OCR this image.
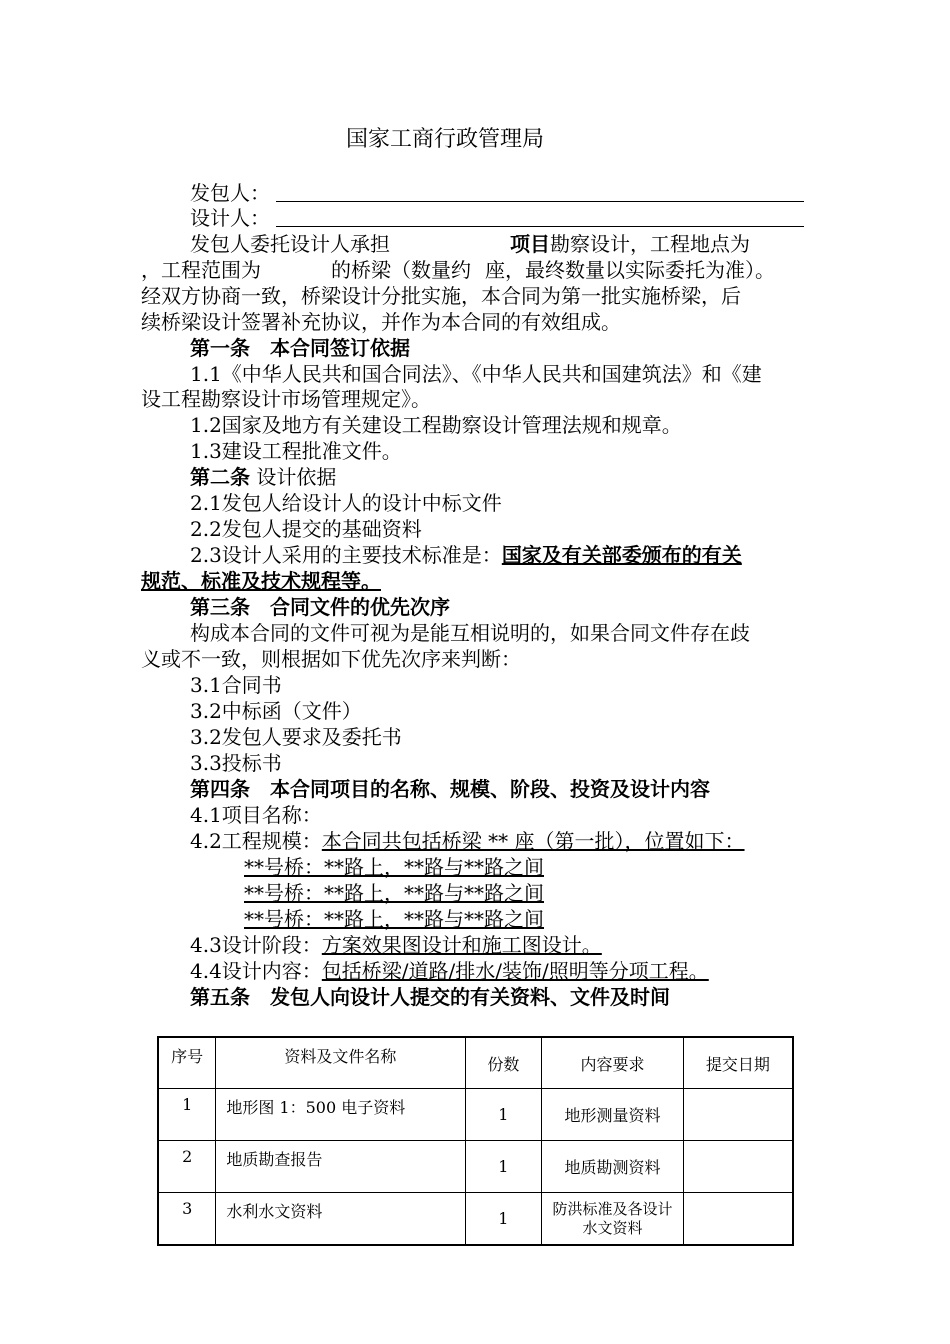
国家工商行政管理局
发包人：
设计人：
发包人委托设计人承担	项目勘察设计，工程地点为
，工程范围为	的桥梁（数量约 座，最终数量以实际委托为准）。
经双方协商一致，桥梁设计分批实施，本合同为第一批实施桥梁，后
续桥梁设计签署补充协议，并作为本合同的有效组成。
第一条　本合同签订依据
1.1《中华人民共和国合同法》、《中华人民共和国建筑法》和《建
设工程勘察设计市场管理规定》。
1.2国家及地方有关建设工程勘察设计管理法规和规章。
1.3建设工程批准文件。
第二条 设计依据
2.1发包人给设计人的设计中标文件
2.2发包人提交的基础资料
2.3设计人采用的主要技术标准是：国家及有关部委颁布的有关
规范、标准及技术规程等。
第三条　合同文件的优先次序
构成本合同的文件可视为是能互相说明的，如果合同文件存在歧
义或不一致，则根据如下优先次序来判断：
3.1合同书
3.2中标函（文件）
3.2发包人要求及委托书
3.3投标书
第四条　本合同项目的名称、规模、阶段、投资及设计内容
4.1项目名称：
4.2工程规模：本合同共包括桥梁 ** 座（第一批），位置如下：
**号桥：**路上，**路与**路之间
**号桥：**路上，**路与**路之间
**号桥：**路上，**路与**路之间
4.3设计阶段：方案效果图设计和施工图设计。
4.4设计内容：包括桥梁/道路/排水/装饰/照明等分项工程。
第五条　发包人向设计人提交的有关资料、文件及时间
序号	资料及文件名称	份数	内容要求	提交日期
1	地形图 1：500 电子资料	1	地形测量资料	
2	地质勘查报告	1	地质勘测资料	
3	水利水文资料	1	防洪标准及各设计水文资料	
